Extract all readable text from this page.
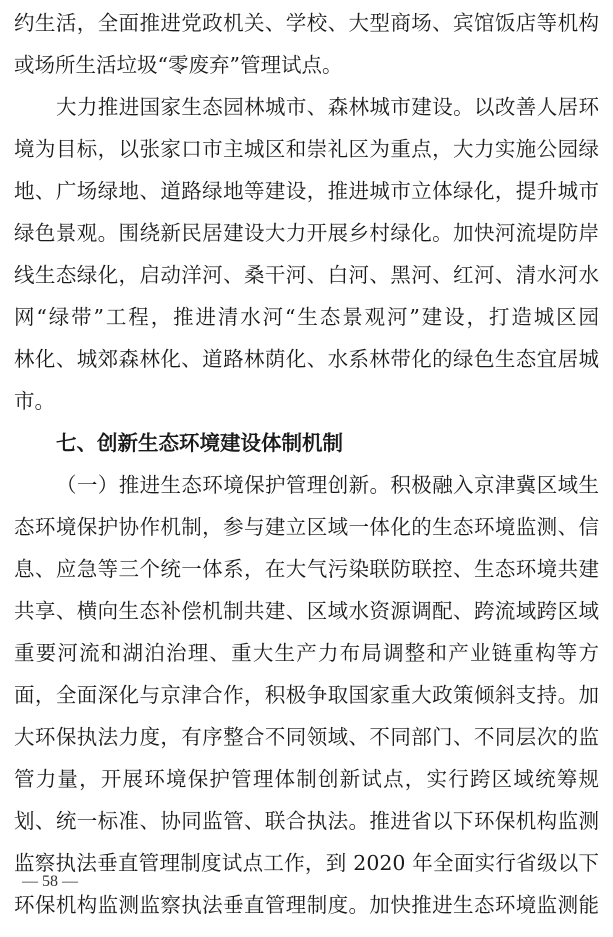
约生活，全面推进党政机关、学校、大型商场、宾馆饭店等机构
或场所生活垃圾“零废弃”管理试点。
大力推进国家生态园林城市、森林城市建设。以改善人居环
境为目标，以张家口市主城区和崇礼区为重点，大力实施公园绿
地、广场绿地、道路绿地等建设，推进城市立体绿化，提升城市
绿色景观。围绕新民居建设大力开展乡村绿化。加快河流堤防岸
线生态绿化，启动洋河、桑干河、白河、黑河、红河、清水河水
网“绿带”工程，推进清水河“生态景观河”建设，打造城区园
林化、城郊森林化、道路林荫化、水系林带化的绿色生态宜居城
市。
七、创新生态环境建设体制机制
（一）推进生态环境保护管理创新。积极融入京津冀区域生
态环境保护协作机制，参与建立区域一体化的生态环境监测、信
息、应急等三个统一体系，在大气污染联防联控、生态环境共建
共享、横向生态补偿机制共建、区域水资源调配、跨流域跨区域
重要河流和湖泊治理、重大生产力布局调整和产业链重构等方
面，全面深化与京津合作，积极争取国家重大政策倾斜支持。加
大环保执法力度，有序整合不同领域、不同部门、不同层次的监
管力量，开展环境保护管理体制创新试点，实行跨区域统筹规
划、统一标准、协同监管、联合执法。推进省以下环保机构监测
监察执法垂直管理制度试点工作，到 2020 年全面实行省级以下
环保机构监测监察执法垂直管理制度。加快推进生态环境监测能
— 58 —
